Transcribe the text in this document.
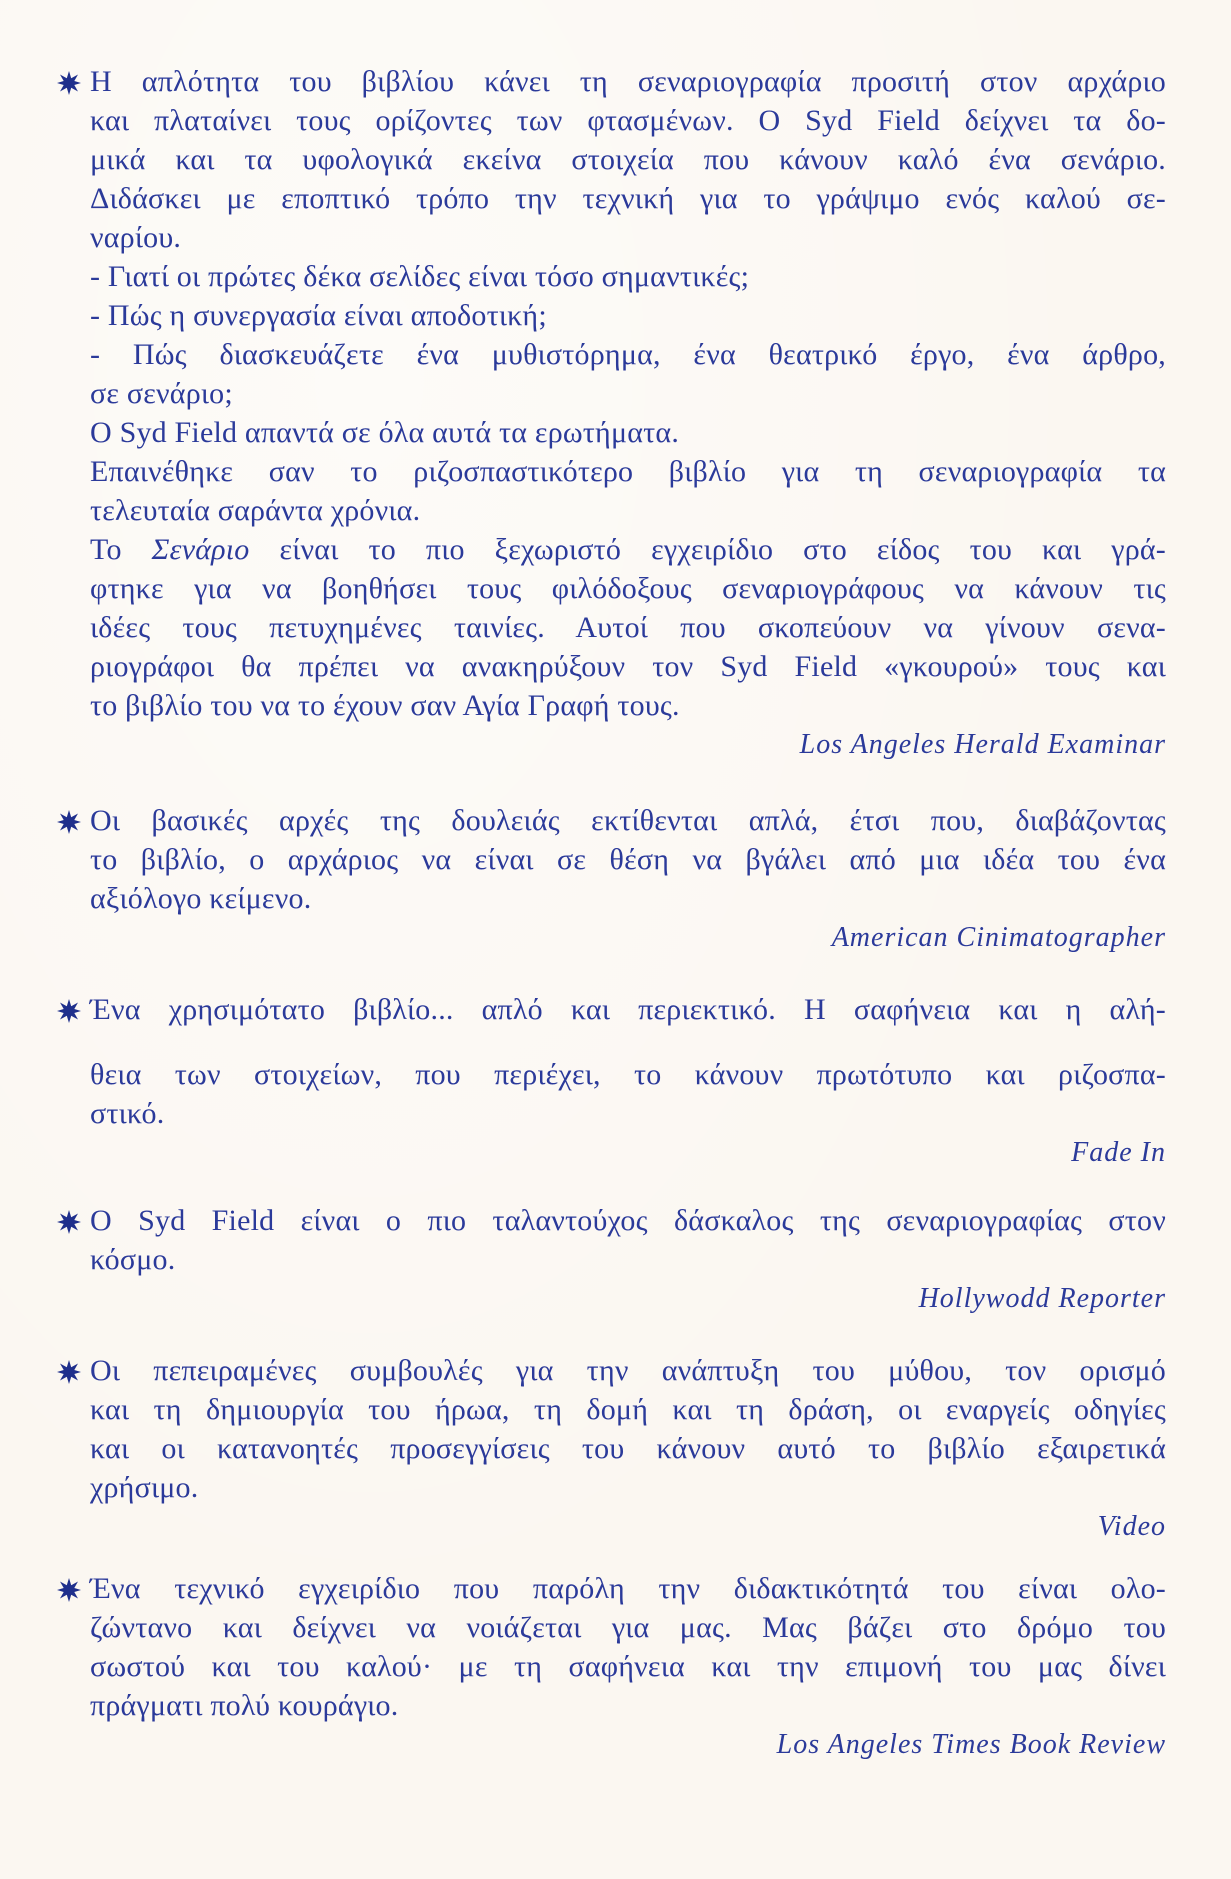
Η απλότητα του βιβλίου κάνει τη σεναριογραφία προσιτή στον αρχάριο
και πλαταίνει τους ορίζοντες των φτασμένων. Ο Syd Field δείχνει τα δο-
μικά και τα υφολογικά εκείνα στοιχεία που κάνουν καλό ένα σενάριο.
Διδάσκει με εποπτικό τρόπο την τεχνική για το γράψιμο ενός καλού σε-
ναρίου.
- Γιατί οι πρώτες δέκα σελίδες είναι τόσο σημαντικές;
- Πώς η συνεργασία είναι αποδοτική;
- Πώς διασκευάζετε ένα μυθιστόρημα, ένα θεατρικό έργο, ένα άρθρο,
σε σενάριο;
Ο Syd Field απαντά σε όλα αυτά τα ερωτήματα.
Επαινέθηκε σαν το ριζοσπαστικότερο βιβλίο για τη σεναριογραφία τα
τελευταία σαράντα χρόνια.
Το Σενάριο είναι το πιο ξεχωριστό εγχειρίδιο στο είδος του και γρά-
φτηκε για να βοηθήσει τους φιλόδοξους σεναριογράφους να κάνουν τις
ιδέες τους πετυχημένες ταινίες. Αυτοί που σκοπεύουν να γίνουν σενα-
ριογράφοι θα πρέπει να ανακηρύξουν τον Syd Field «γκουρού» τους και
το βιβλίο του να το έχουν σαν Αγία Γραφή τους.
Los Angeles Herald Examinar
Οι βασικές αρχές της δουλειάς εκτίθενται απλά, έτσι που, διαβάζοντας
το βιβλίο, ο αρχάριος να είναι σε θέση να βγάλει από μια ιδέα του ένα
αξιόλογο κείμενο.
American Cinimatographer
Ένα χρησιμότατο βιβλίο... απλό και περιεκτικό. Η σαφήνεια και η αλή-
θεια των στοιχείων, που περιέχει, το κάνουν πρωτότυπο και ριζοσπα-
στικό.
Fade In
Ο Syd Field είναι ο πιο ταλαντούχος δάσκαλος της σεναριογραφίας στον
κόσμο.
Hollywodd Reporter
Οι πεπειραμένες συμβουλές για την ανάπτυξη του μύθου, τον ορισμό
και τη δημιουργία του ήρωα, τη δομή και τη δράση, οι εναργείς οδηγίες
και οι κατανοητές προσεγγίσεις του κάνουν αυτό το βιβλίο εξαιρετικά
χρήσιμο.
Video
Ένα τεχνικό εγχειρίδιο που παρόλη την διδακτικότητά του είναι ολο-
ζώντανο και δείχνει να νοιάζεται για μας. Μας βάζει στο δρόμο του
σωστού και του καλού· με τη σαφήνεια και την επιμονή του μας δίνει
πράγματι πολύ κουράγιο.
Los Angeles Times Book Review
